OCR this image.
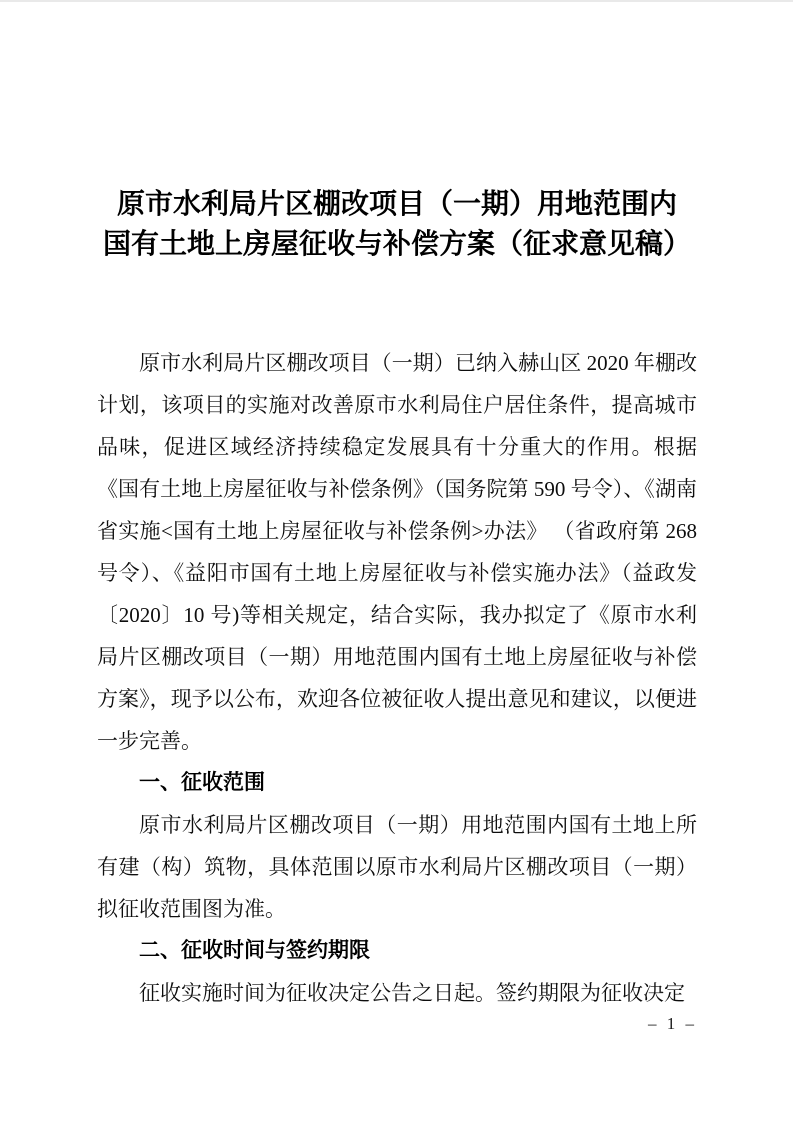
原市水利局片区棚改项目（一期）用地范围内
国有土地上房屋征收与补偿方案（征求意见稿）

原市水利局片区棚改项目（一期）已纳入赫山区 2020 年棚改计划，该项目的实施对改善原市水利局住户居住条件，提高城市品味，促进区域经济持续稳定发展具有十分重大的作用。根据《国有土地上房屋征收与补偿条例》（国务院第 590 号令）、《湖南省实施<国有土地上房屋征收与补偿条例>办法》 （省政府第 268 号令）、《益阳市国有土地上房屋征收与补偿实施办法》（益政发〔2020〕10 号)等相关规定，结合实际，我办拟定了《原市水利局片区棚改项目（一期）用地范围内国有土地上房屋征收与补偿方案》，现予以公布，欢迎各位被征收人提出意见和建议，以便进一步完善。

一、征收范围

原市水利局片区棚改项目（一期）用地范围内国有土地上所有建（构）筑物，具体范围以原市水利局片区棚改项目（一期）拟征收范围图为准。

二、征收时间与签约期限

征收实施时间为征收决定公告之日起。签约期限为征收决定

– 1 –
